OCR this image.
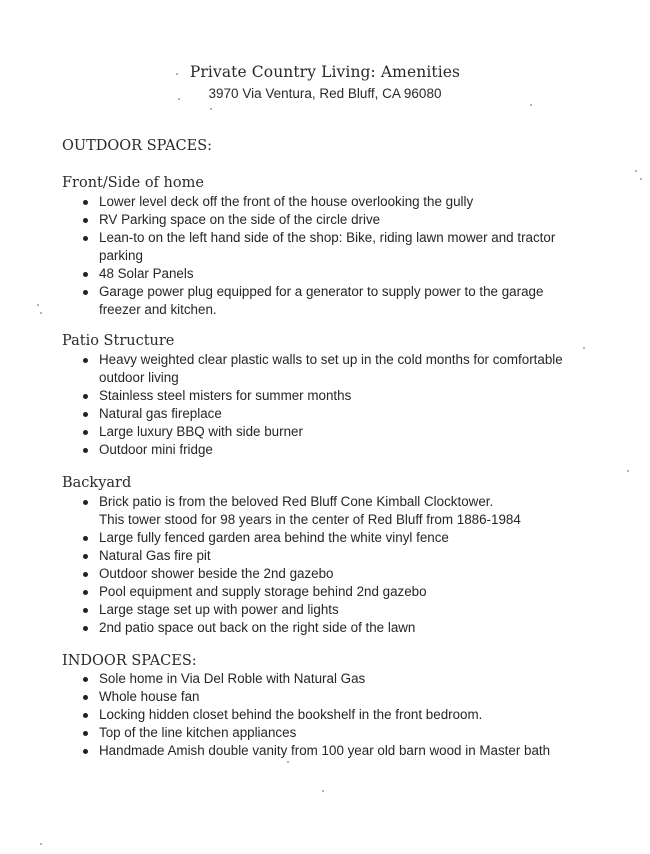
Private Country Living: Amenities
3970 Via Ventura, Red Bluff, CA 96080
OUTDOOR SPACES:
Front/Side of home
Lower level deck off the front of the house overlooking the gully
RV Parking space on the side of the circle drive
Lean-to on the left hand side of the shop: Bike, riding lawn mower and tractor parking
48 Solar Panels
Garage power plug equipped for a generator to supply power to the garage freezer and kitchen.
Patio Structure
Heavy weighted clear plastic walls to set up in the cold months for comfortable outdoor living
Stainless steel misters for summer months
Natural gas fireplace
Large luxury BBQ with side burner
Outdoor mini fridge
Backyard
Brick patio is from the beloved Red Bluff Cone Kimball Clocktower.
This tower stood for 98 years in the center of Red Bluff from 1886-1984
Large fully fenced garden area behind the white vinyl fence
Natural Gas fire pit
Outdoor shower beside the 2nd gazebo
Pool equipment and supply storage behind 2nd gazebo
Large stage set up with power and lights
2nd patio space out back on the right side of the lawn
INDOOR SPACES:
Sole home in Via Del Roble with Natural Gas
Whole house fan
Locking hidden closet behind the bookshelf in the front bedroom.
Top of the line kitchen appliances
Handmade Amish double vanity from 100 year old barn wood in Master bath
